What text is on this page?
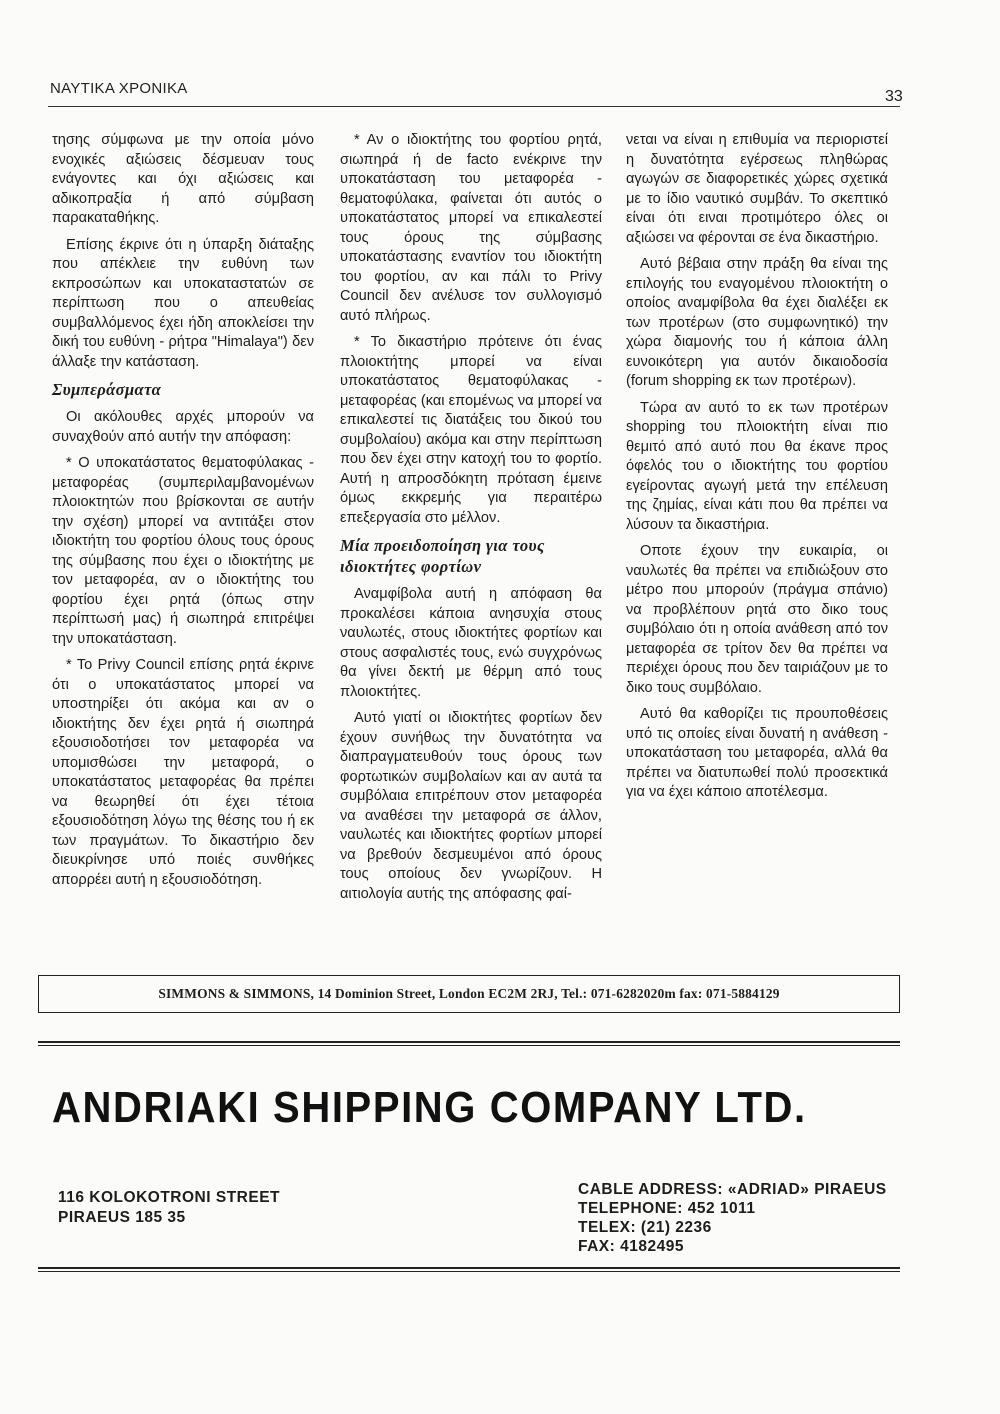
ΝΑΥΤΙΚΑ ΧΡΟΝΙΚΑ	33

τησης σύμφωνα με την οποία μόνο ενοχικές αξιώσεις δέσμευαν τους ενάγοντες και όχι αξιώσεις και αδικοπραξία ή από σύμβαση παρακαταθήκης.

Επίσης έκρινε ότι η ύπαρξη διάταξης που απέκλειε την ευθύνη των εκπροσώπων και υποκαταστατών σε περίπτωση που ο απευθείας συμβαλλόμενος έχει ήδη αποκλείσει την δική του ευθύνη - ρήτρα "Himalaya") δεν άλλαξε την κατάσταση.

Συμπεράσματα

Οι ακόλουθες αρχές μπορούν να συναχθούν από αυτήν την απόφαση:

* Ο υποκατάστατος θεματοφύλακας - μεταφορέας (συμπεριλαμβανομένων πλοιοκτητών που βρίσκονται σε αυτήν την σχέση) μπορεί να αντιτάξει στον ιδιοκτήτη του φορτίου όλους τους όρους της σύμβασης που έχει ο ιδιοκτήτης με τον μεταφορέα, αν ο ιδιοκτήτης του φορτίου έχει ρητά (όπως στην περίπτωσή μας) ή σιωπηρά επιτρέψει την υποκατάσταση.

* Το Privy Council επίσης ρητά έκρινε ότι ο υποκατάστατος μπορεί να υποστηρίξει ότι ακόμα και αν ο ιδιοκτήτης δεν έχει ρητά ή σιωπηρά εξουσιοδοτήσει τον μεταφορέα να υπομισθώσει την μεταφορά, ο υποκατάστατος μεταφορέας θα πρέπει να θεωρηθεί ότι έχει τέτοια εξουσιοδότηση λόγω της θέσης του ή εκ των πραγμάτων. Το δικαστήριο δεν διευκρίνησε υπό ποιές συνθήκες απορρέει αυτή η εξουσιοδότηση.

* Αν ο ιδιοκτήτης του φορτίου ρητά, σιωπηρά ή de facto ενέκρινε την υποκατάσταση του μεταφορέα - θεματοφύλακα, φαίνεται ότι αυτός ο υποκατάστατος μπορεί να επικαλεστεί τους όρους της σύμβασης υποκατάστασης εναντίον του ιδιοκτήτη του φορτίου, αν και πάλι το Privy Council δεν ανέλυσε τον συλλογισμό αυτό πλήρως.

* Το δικαστήριο πρότεινε ότι ένας πλοιοκτήτης μπορεί να είναι υποκατάστατος θεματοφύλακας - μεταφορέας (και επομένως να μπορεί να επικαλεστεί τις διατάξεις του δικού του συμβολαίου) ακόμα και στην περίπτωση που δεν έχει στην κατοχή του το φορτίο. Αυτή η απροσδόκητη πρόταση έμεινε όμως εκκρεμής για περαιτέρω επεξεργασία στο μέλλον.

Μία προειδοποίηση για τους ιδιοκτήτες φορτίων

Αναμφίβολα αυτή η απόφαση θα προκαλέσει κάποια ανησυχία στους ναυλωτές, στους ιδιοκτήτες φορτίων και στους ασφαλιστές τους, ενώ συγχρόνως θα γίνει δεκτή με θέρμη από τους πλοιοκτήτες.

Αυτό γιατί οι ιδιοκτήτες φορτίων δεν έχουν συνήθως την δυνατότητα να διαπραγματευθούν τους όρους των φορτωτικών συμβολαίων και αν αυτά τα συμβόλαια επιτρέπουν στον μεταφορέα να αναθέσει την μεταφορά σε άλλον, ναυλωτές και ιδιοκτήτες φορτίων μπορεί να βρεθούν δεσμευμένοι από όρους τους οποίους δεν γνωρίζουν. Η αιτιολογία αυτής της απόφασης φαί-

νεται να είναι η επιθυμία να περιοριστεί η δυνατότητα εγέρσεως πληθώρας αγωγών σε διαφορετικές χώρες σχετικά με το ίδιο ναυτικό συμβάν. Το σκεπτικό είναι ότι ειναι προτιμότερο όλες οι αξιώσει να φέρονται σε ένα δικαστήριο.

Αυτό βέβαια στην πράξη θα είναι της επιλογής του εναγομένου πλοιοκτήτη ο οποίος αναμφίβολα θα έχει διαλέξει εκ των προτέρων (στο συμφωνητικό) την χώρα διαμονής του ή κάποια άλλη ευνοικότερη για αυτόν δικαιοδοσία (forum shopping εκ των προτέρων).

Τώρα αν αυτό το εκ των προτέρων shopping του πλοιοκτήτη είναι πιο θεμιτό από αυτό που θα έκανε προς όφελός του ο ιδιοκτήτης του φορτίου εγείροντας αγωγή μετά την επέλευση της ζημίας, είναι κάτι που θα πρέπει να λύσουν τα δικαστήρια.

Οποτε έχουν την ευκαιρία, οι ναυλωτές θα πρέπει να επιδιώξουν στο μέτρο που μπορούν (πράγμα σπάνιο) να προβλέπουν ρητά στο δικο τους συμβόλαιο ότι η οποία ανάθεση από τον μεταφορέα σε τρίτον δεν θα πρέπει να περιέχει όρους που δεν ταιριάζουν με το δικο τους συμβόλαιο.

Αυτό θα καθορίζει τις προυποθέσεις υπό τις οποίες είναι δυνατή η ανάθεση - υποκατάσταση του μεταφορέα, αλλά θα πρέπει να διατυπωθεί πολύ προσεκτικά για να έχει κάποιο αποτέλεσμα.

SIMMONS & SIMMONS, 14 Dominion Street, London EC2M 2RJ, Tel.: 071-6282020m fax: 071-5884129
ANDRIAKI SHIPPING COMPANY LTD.
116 KOLOKOTRONI STREET
PIRAEUS 185 35
CABLE ADDRESS: «ADRIAD» PIRAEUS
TELEPHONE: 452 1011
TELEX: (21) 2236
FAX: 4182495
